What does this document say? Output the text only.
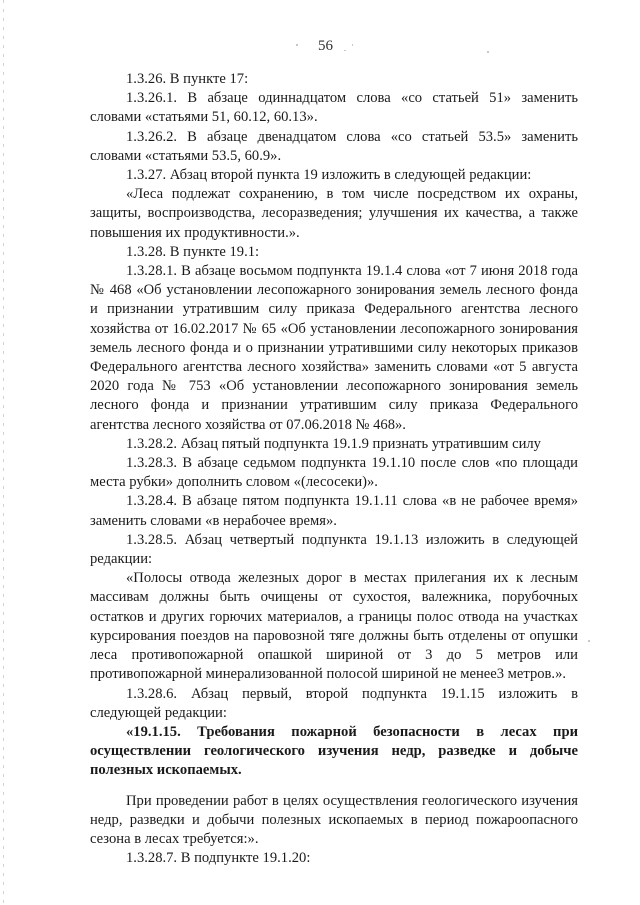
56

1.3.26. В пункте 17:

1.3.26.1. В абзаце одиннадцатом слова «со статьей 51» заменить словами «статьями 51, 60.12, 60.13».

1.3.26.2. В абзаце двенадцатом слова «со статьей 53.5» заменить словами «статьями 53.5, 60.9».

1.3.27. Абзац второй пункта 19 изложить в следующей редакции:

«Леса подлежат сохранению, в том числе посредством их охраны, защиты, воспроизводства, лесоразведения; улучшения их качества, а также повышения их продуктивности.».

1.3.28. В пункте 19.1:

1.3.28.1. В абзаце восьмом подпункта 19.1.4 слова «от 7 июня 2018 года № 468 «Об установлении лесопожарного зонирования земель лесного фонда и признании утратившим силу приказа Федерального агентства лесного хозяйства от 16.02.2017 № 65 «Об установлении лесопожарного зонирования земель лесного фонда и о признании утратившими силу некоторых приказов Федерального агентства лесного хозяйства» заменить словами «от 5 августа 2020 года № 753 «Об установлении лесопожарного зонирования земель лесного фонда и признании утратившим силу приказа Федерального агентства лесного хозяйства от 07.06.2018 № 468».

1.3.28.2. Абзац пятый подпункта 19.1.9 признать утратившим силу

1.3.28.3. В абзаце седьмом подпункта 19.1.10 после слов «по площади места рубки» дополнить словом «(лесосеки)».

1.3.28.4. В абзаце пятом подпункта 19.1.11 слова «в не рабочее время» заменить словами «в нерабочее время».

1.3.28.5. Абзац четвертый подпункта 19.1.13 изложить в следующей редакции:

«Полосы отвода железных дорог в местах прилегания их к лесным массивам должны быть очищены от сухостоя, валежника, порубочных остатков и других горючих материалов, а границы полос отвода на участках курсирования поездов на паровозной тяге должны быть отделены от опушки леса противопожарной опашкой шириной от 3 до 5 метров или противопожарной минерализованной полосой шириной не менее3 метров.».

1.3.28.6. Абзац первый, второй подпункта 19.1.15 изложить в следующей редакции:

«19.1.15. Требования пожарной безопасности в лесах при осуществлении геологического изучения недр, разведке и добыче полезных ископаемых.

При проведении работ в целях осуществления геологического изучения недр, разведки и добычи полезных ископаемых в период пожароопасного сезона в лесах требуется:».

1.3.28.7. В подпункте 19.1.20:
